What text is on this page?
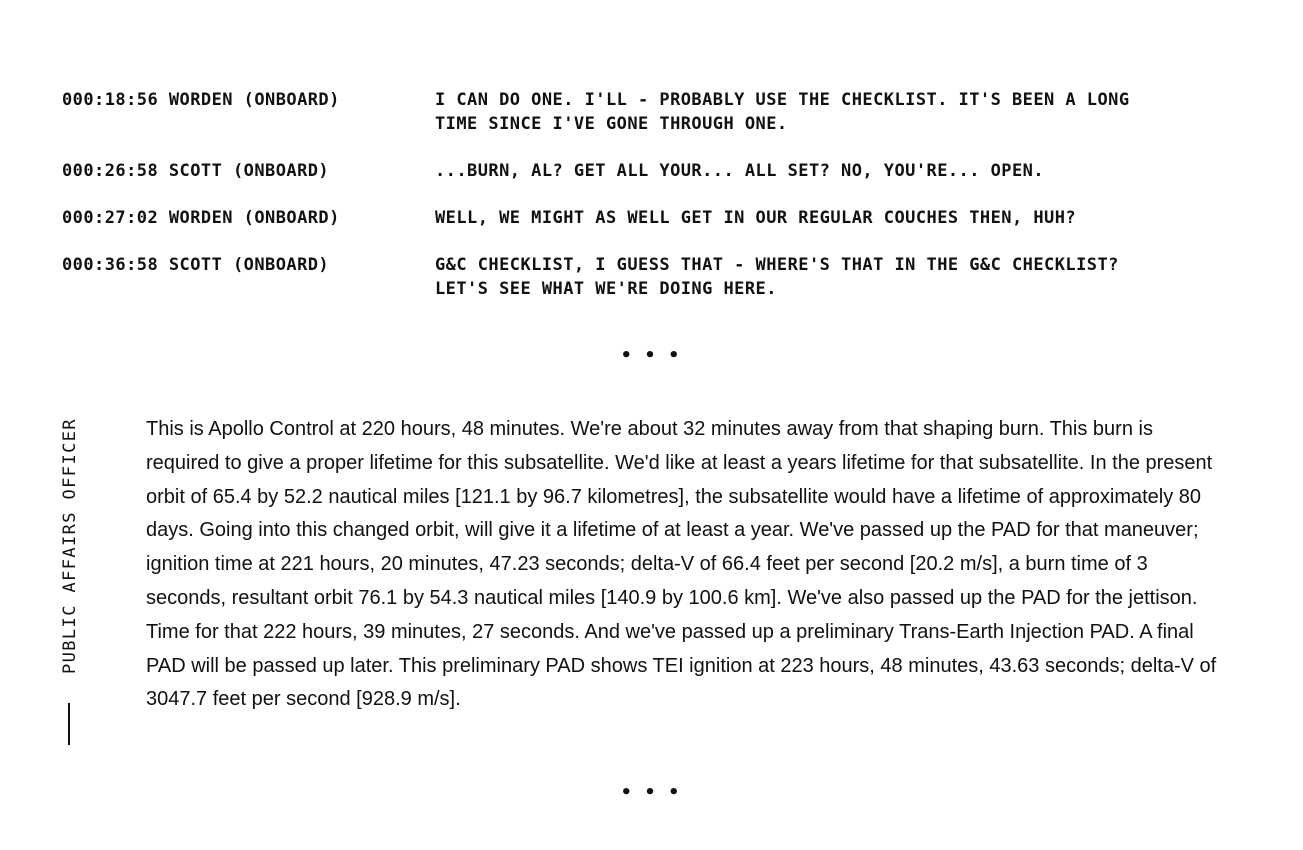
000:18:56 WORDEN (ONBOARD)	I CAN DO ONE. I'LL - PROBABLY USE THE CHECKLIST. IT'S BEEN A LONG
TIME SINCE I'VE GONE THROUGH ONE.
000:26:58 SCOTT (ONBOARD)	...BURN, AL? GET ALL YOUR... ALL SET? NO, YOU'RE... OPEN.
000:27:02 WORDEN (ONBOARD)	WELL, WE MIGHT AS WELL GET IN OUR REGULAR COUCHES THEN, HUH?
000:36:58 SCOTT (ONBOARD)	G&C CHECKLIST, I GUESS THAT - WHERE'S THAT IN THE G&C CHECKLIST?
LET'S SEE WHAT WE'RE DOING HERE.
• • •
PUBLIC AFFAIRS OFFICER	This is Apollo Control at 220 hours, 48 minutes. We're about 32 minutes away from that shaping burn. This burn is required to give a proper lifetime for this subsatellite. We'd like at least a years lifetime for that subsatellite. In the present orbit of 65.4 by 52.2 nautical miles [121.1 by 96.7 kilometres], the subsatellite would have a lifetime of approximately 80 days. Going into this changed orbit, will give it a lifetime of at least a year. We've passed up the PAD for that maneuver; ignition time at 221 hours, 20 minutes, 47.23 seconds; delta-V of 66.4 feet per second [20.2 m/s], a burn time of 3 seconds, resultant orbit 76.1 by 54.3 nautical miles [140.9 by 100.6 km]. We've also passed up the PAD for the jettison. Time for that 222 hours, 39 minutes, 27 seconds. And we've passed up a preliminary Trans-Earth Injection PAD. A final PAD will be passed up later. This preliminary PAD shows TEI ignition at 223 hours, 48 minutes, 43.63 seconds; delta-V of 3047.7 feet per second [928.9 m/s].

• • •
